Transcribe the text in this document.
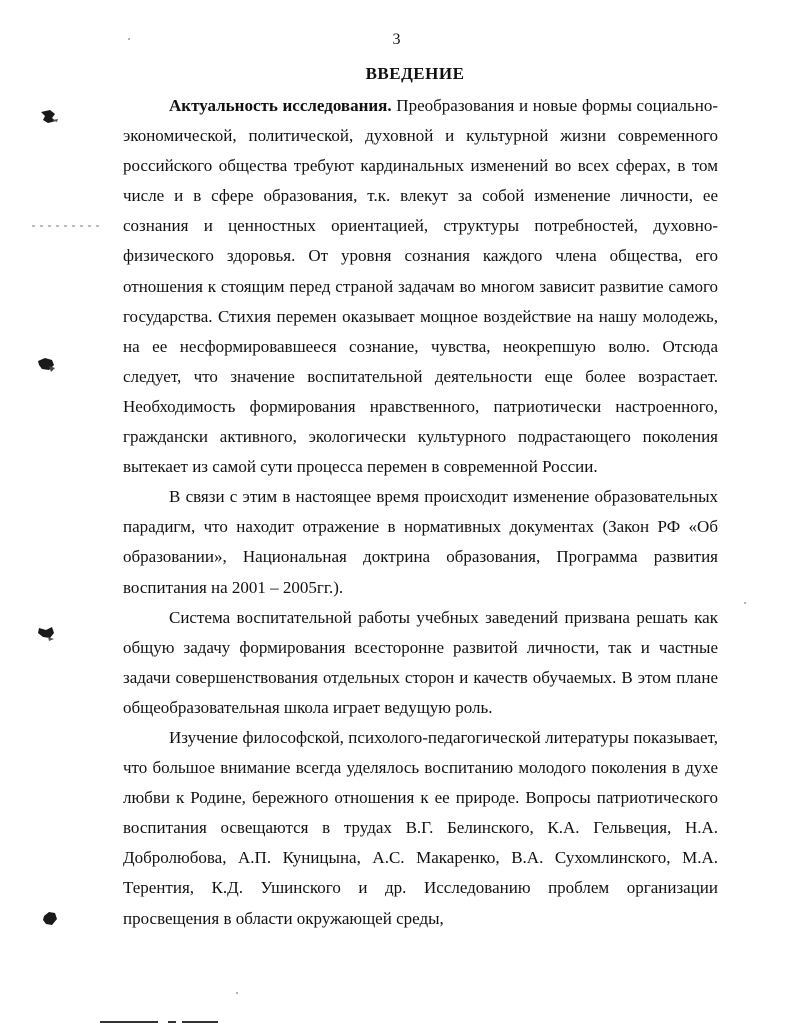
3
ВВЕДЕНИЕ

Актуальность исследования. Преобразования и новые формы социально-экономической, политической, духовной и культурной жизни современного российского общества требуют кардинальных изменений во всех сферах, в том числе и в сфере образования, т.к. влекут за собой изменение личности, ее сознания и ценностных ориентацией, структуры потребностей, духовно-физического здоровья. От уровня сознания каждого члена общества, его отношения к стоящим перед страной задачам во многом зависит развитие самого государства. Стихия перемен оказывает мощное воздействие на нашу молодежь, на ее несформировавшееся сознание, чувства, неокрепшую волю. Отсюда следует, что значение воспитательной деятельности еще более возрастает. Необходимость формирования нравственного, патриотически настроенного, граждански активного, экологически культурного подрастающего поколения вытекает из самой сути процесса перемен в современной России.

В связи с этим в настоящее время происходит изменение образовательных парадигм, что находит отражение в нормативных документах (Закон РФ «Об образовании», Национальная доктрина образования, Программа развития воспитания на 2001 – 2005гг.).

Система воспитательной работы учебных заведений призвана решать как общую задачу формирования всесторонне развитой личности, так и частные задачи совершенствования отдельных сторон и качеств обучаемых. В этом плане общеобразовательная школа играет ведущую роль.

Изучение философской, психолого-педагогической литературы показывает, что большое внимание всегда уделялось воспитанию молодого поколения в духе любви к Родине, бережного отношения к ее природе. Вопросы патриотического воспитания освещаются в трудах В.Г. Белинского, К.А. Гельвеция, Н.А. Добролюбова, А.П. Куницына, А.С. Макаренко, В.А. Сухомлинского, М.А. Терентия, К.Д. Ушинского и др. Исследованию проблем организации просвещения в области окружающей среды,
